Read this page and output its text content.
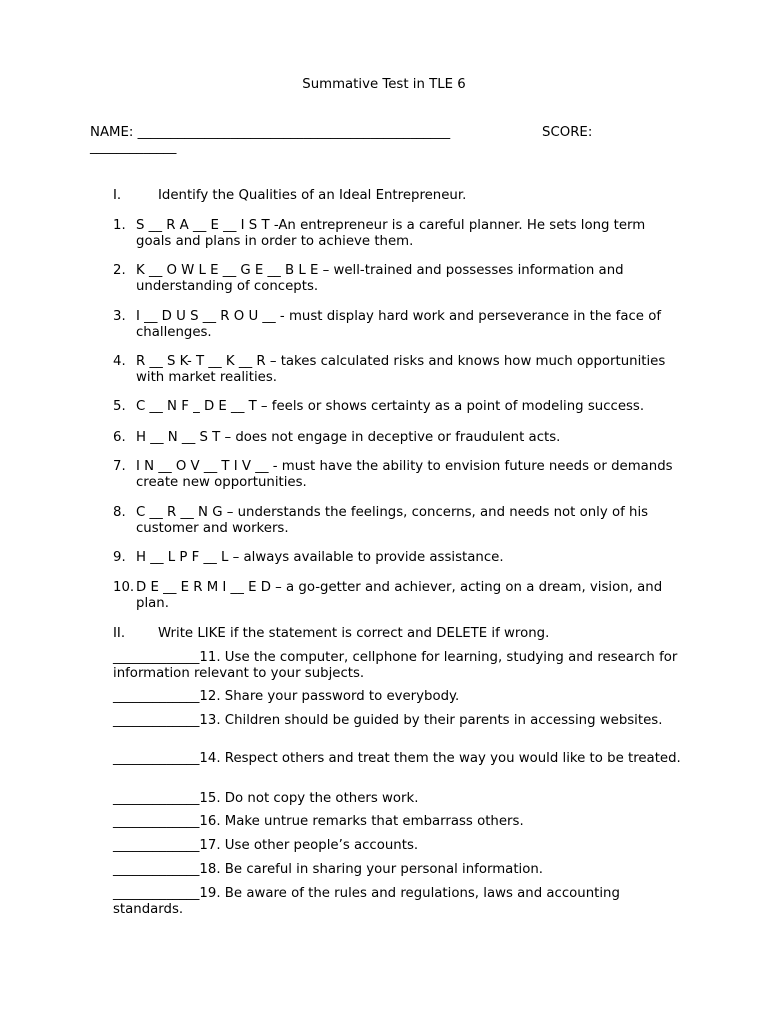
Summative Test in TLE 6
NAME: _______________________________________________	SCORE:
_____________
I.	Identify the Qualities of an Ideal Entrepreneur.
1. S __ R A __ E __ I S T -An entrepreneur is a careful planner. He sets long term goals and plans in order to achieve them.
2. K __ O W L E __ G E __ B L E – well-trained and possesses information and understanding of concepts.
3. I __ D U S __ R O U __ - must display hard work and perseverance in the face of challenges.
4. R __ S K- T __ K __ R – takes calculated risks and knows how much opportunities with market realities.
5. C __ N F _ D E __ T – feels or shows certainty as a point of modeling success.
6. H __ N __ S T – does not engage in deceptive or fraudulent acts.
7. I N __ O V __ T I V __ - must have the ability to envision future needs or demands create new opportunities.
8. C __ R __ N G – understands the feelings, concerns, and needs not only of his customer and workers.
9. H __ L P F __ L – always available to provide assistance.
10. D E __ E R M I __ E D – a go-getter and achiever, acting on a dream, vision, and plan.
II.	Write LIKE if the statement is correct and DELETE if wrong.
_____________11. Use the computer, cellphone for learning, studying and research for information relevant to your subjects.
_____________12. Share your password to everybody.
_____________13. Children should be guided by their parents in accessing websites.
_____________14. Respect others and treat them the way you would like to be treated.
_____________15. Do not copy the others work.
_____________16. Make untrue remarks that embarrass others.
_____________17. Use other people’s accounts.
_____________18. Be careful in sharing your personal information.
_____________19. Be aware of the rules and regulations, laws and accounting standards.
